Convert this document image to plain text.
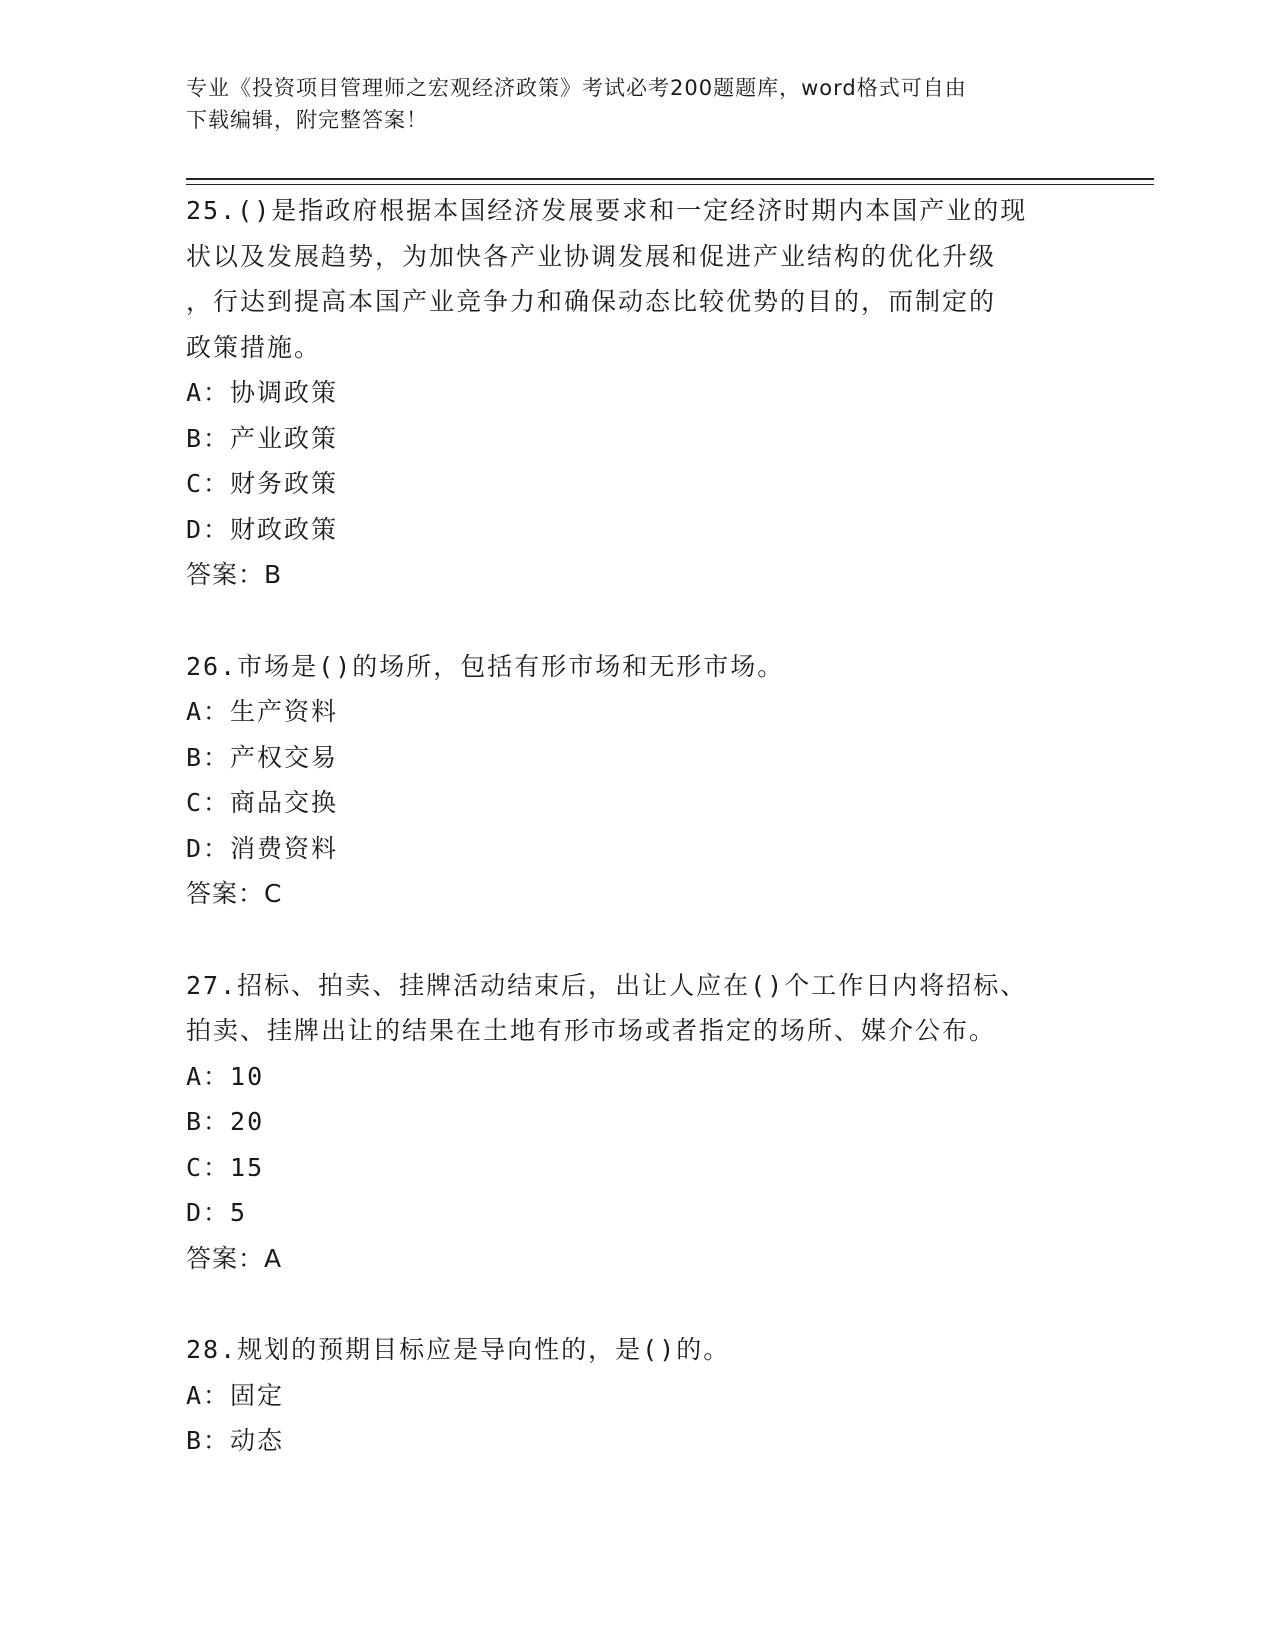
专业《投资项目管理师之宏观经济政策》考试必考200题题库，word格式可自由
下载编辑，附完整答案！
25.()是指政府根据本国经济发展要求和一定经济时期内本国产业的现
状以及发展趋势，为加快各产业协调发展和促进产业结构的优化升级
，行达到提高本国产业竞争力和确保动态比较优势的目的，而制定的
政策措施。
A：协调政策
B：产业政策
C：财务政策
D：财政政策
答案：B
26.市场是()的场所，包括有形市场和无形市场。
A：生产资料
B：产权交易
C：商品交换
D：消费资料
答案：C
27.招标、拍卖、挂牌活动结束后，出让人应在()个工作日内将招标、
拍卖、挂牌出让的结果在土地有形市场或者指定的场所、媒介公布。
A：10
B：20
C：15
D：5
答案：A
28.规划的预期目标应是导向性的，是()的。
A：固定
B：动态
